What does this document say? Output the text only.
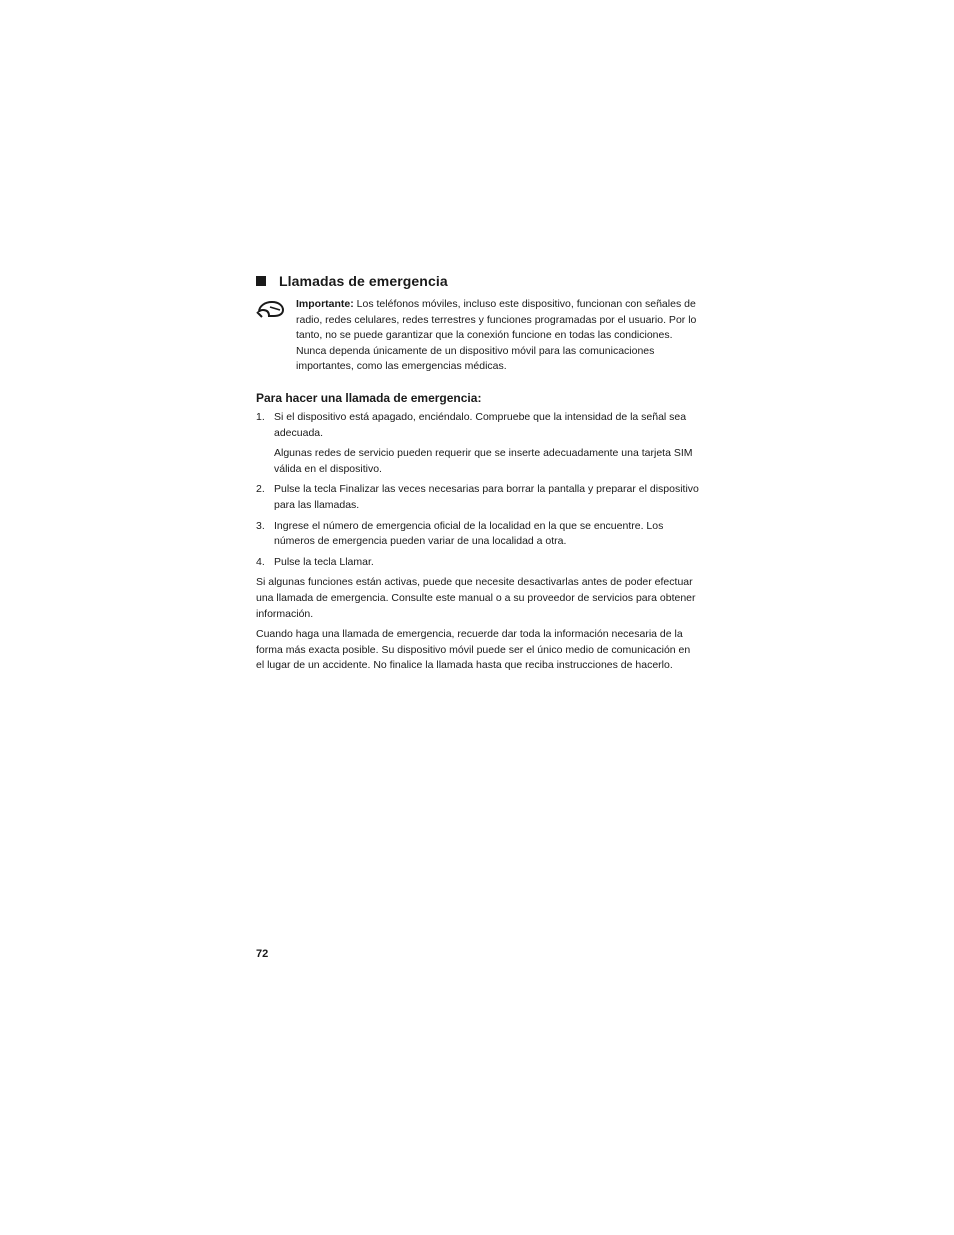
Llamadas de emergencia

Importante: Los teléfonos móviles, incluso este dispositivo, funcionan con señales de radio, redes celulares, redes terrestres y funciones programadas por el usuario. Por lo tanto, no se puede garantizar que la conexión funcione en todas las condiciones. Nunca dependa únicamente de un dispositivo móvil para las comunicaciones importantes, como las emergencias médicas.

Para hacer una llamada de emergencia:
1. Si el dispositivo está apagado, enciéndalo. Compruebe que la intensidad de la señal sea adecuada.

Algunas redes de servicio pueden requerir que se inserte adecuadamente una tarjeta SIM válida en el dispositivo.

2. Pulse la tecla Finalizar las veces necesarias para borrar la pantalla y preparar el dispositivo para las llamadas.

3. Ingrese el número de emergencia oficial de la localidad en la que se encuentre. Los números de emergencia pueden variar de una localidad a otra.

4. Pulse la tecla Llamar.

Si algunas funciones están activas, puede que necesite desactivarlas antes de poder efectuar una llamada de emergencia. Consulte este manual o a su proveedor de servicios para obtener información.

Cuando haga una llamada de emergencia, recuerde dar toda la información necesaria de la forma más exacta posible. Su dispositivo móvil puede ser el único medio de comunicación en el lugar de un accidente. No finalice la llamada hasta que reciba instrucciones de hacerlo.

72
